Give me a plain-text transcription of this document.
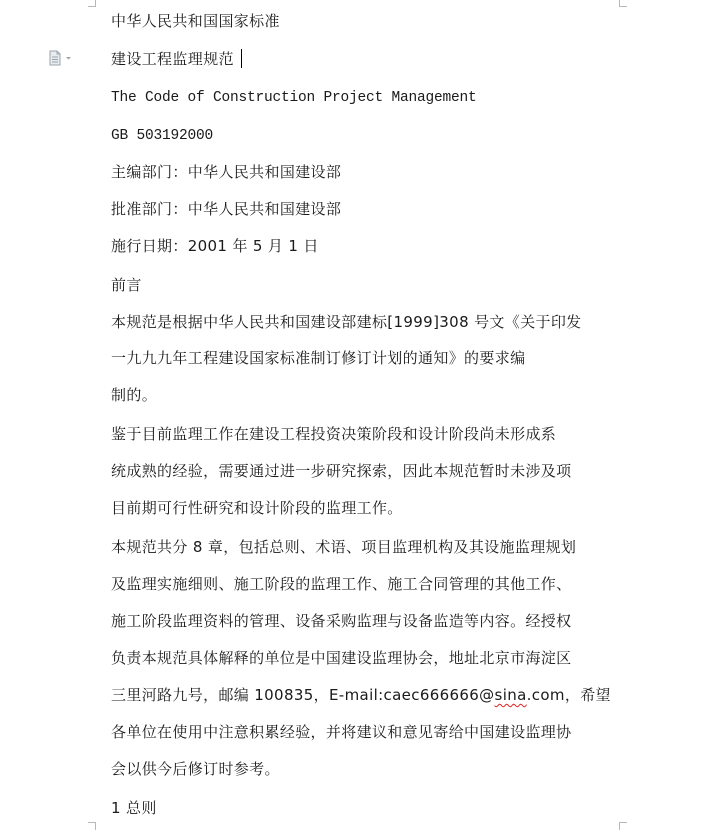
中华人民共和国国家标准
建设工程监理规范
The Code of Construction Project Management
GB 503192000
主编部门：中华人民共和国建设部
批准部门：中华人民共和国建设部
施行日期：2001 年 5 月 1 日
前言
本规范是根据中华人民共和国建设部建标[1999]308 号文《关于印发
一九九九年工程建设国家标准制订修订计划的通知》的要求编
制的。
鉴于目前监理工作在建设工程投资决策阶段和设计阶段尚未形成系
统成熟的经验，需要通过进一步研究探索，因此本规范暂时未涉及项
目前期可行性研究和设计阶段的监理工作。
本规范共分 8 章，包括总则、术语、项目监理机构及其设施监理规划
及监理实施细则、施工阶段的监理工作、施工合同管理的其他工作、
施工阶段监理资料的管理、设备采购监理与设备监造等内容。经授权
负责本规范具体解释的单位是中国建设监理协会，地址北京市海淀区
三里河路九号，邮编 100835，E-mail:caec666666@sina.com，希望
各单位在使用中注意积累经验，并将建议和意见寄给中国建设监理协
会以供今后修订时参考。
1 总则
